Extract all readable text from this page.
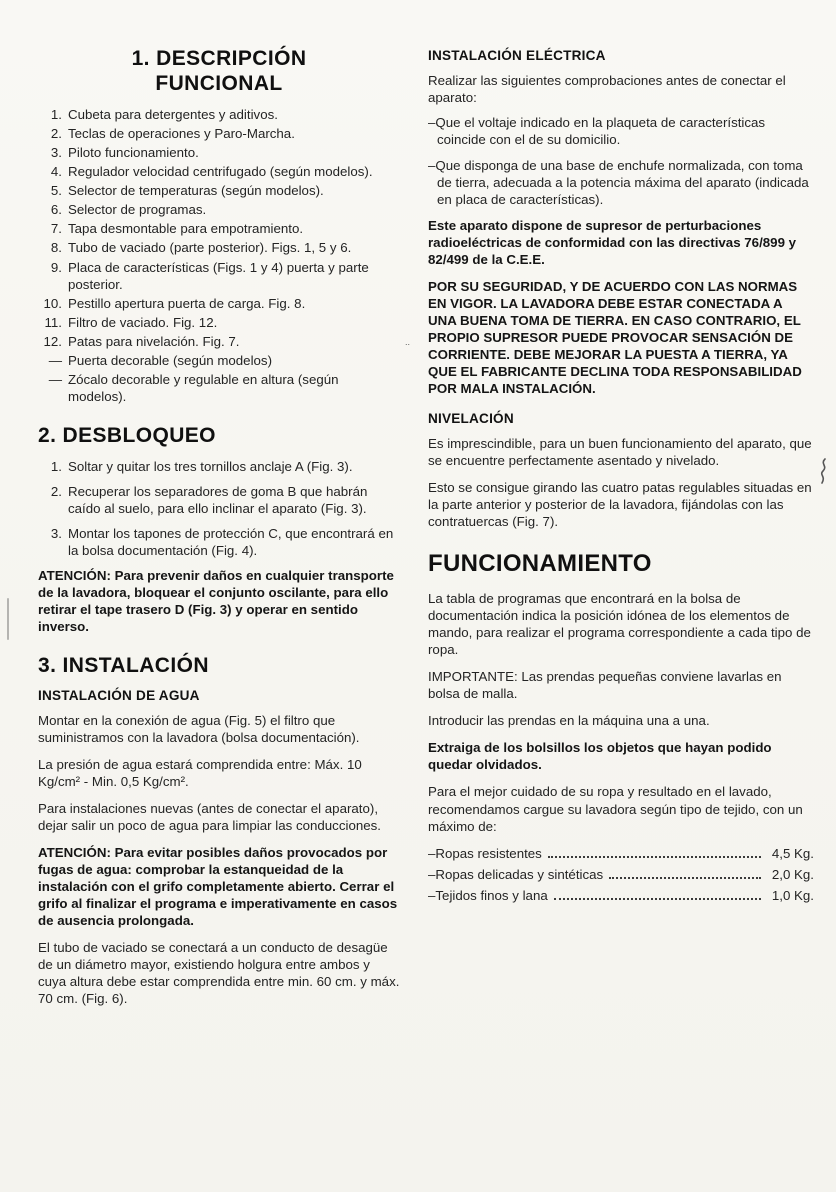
1. DESCRIPCIÓN
FUNCIONAL
1. Cubeta para detergentes y aditivos.
2. Teclas de operaciones y Paro-Marcha.
3. Piloto funcionamiento.
4. Regulador velocidad centrifugado (según modelos).
5. Selector de temperaturas (según modelos).
6. Selector de programas.
7. Tapa desmontable para empotramiento.
8. Tubo de vaciado (parte posterior). Figs. 1, 5 y 6.
9. Placa de características (Figs. 1 y 4) puerta y parte posterior.
10. Pestillo apertura puerta de carga. Fig. 8.
11. Filtro de vaciado. Fig. 12.
12. Patas para nivelación. Fig. 7.
— Puerta decorable (según modelos)
— Zócalo decorable y regulable en altura (según modelos).
2. DESBLOQUEO
1. Soltar y quitar los tres tornillos anclaje A (Fig. 3).
2. Recuperar los separadores de goma B que habrán caído al suelo, para ello inclinar el aparato (Fig. 3).
3. Montar los tapones de protección C, que encontrará en la bolsa documentación (Fig. 4).

ATENCIÓN: Para prevenir daños en cualquier transporte de la lavadora, bloquear el conjunto oscilante, para ello retirar el tape trasero D (Fig. 3) y operar en sentido inverso.

3. INSTALACIÓN
INSTALACIÓN DE AGUA

Montar en la conexión de agua (Fig. 5) el filtro que suministramos con la lavadora (bolsa documentación).

La presión de agua estará comprendida entre: Máx. 10 Kg/cm² - Min. 0,5 Kg/cm².

Para instalaciones nuevas (antes de conectar el aparato), dejar salir un poco de agua para limpiar las conducciones.

ATENCIÓN: Para evitar posibles daños provocados por fugas de agua: comprobar la estanqueidad de la instalación con el grifo completamente abierto. Cerrar el grifo al finalizar el programa e imperativamente en casos de ausencia prolongada.

El tubo de vaciado se conectará a un conducto de desagüe de un diámetro mayor, existiendo holgura entre ambos y cuya altura debe estar comprendida entre min. 60 cm. y máx. 70 cm. (Fig. 6).

INSTALACIÓN ELÉCTRICA

Realizar las siguientes comprobaciones antes de conectar el aparato:

–Que el voltaje indicado en la plaqueta de características coincide con el de su domicilio.
–Que disponga de una base de enchufe normalizada, con toma de tierra, adecuada a la potencia máxima del aparato (indicada en placa de características).

Este aparato dispone de supresor de perturbaciones radioeléctricas de conformidad con las directivas 76/899 y 82/499 de la C.E.E.

POR SU SEGURIDAD, Y DE ACUERDO CON LAS NORMAS EN VIGOR. LA LAVADORA DEBE ESTAR CONECTADA A UNA BUENA TOMA DE TIERRA. EN CASO CONTRARIO, EL PROPIO SUPRESOR PUEDE PROVOCAR SENSACIÓN DE CORRIENTE. DEBE MEJORAR LA PUESTA A TIERRA, YA QUE EL FABRICANTE DECLINA TODA RESPONSABILIDAD POR MALA INSTALACIÓN.

NIVELACIÓN

Es imprescindible, para un buen funcionamiento del aparato, que se encuentre perfectamente asentado y nivelado.

Esto se consigue girando las cuatro patas regulables situadas en la parte anterior y posterior de la lavadora, fijándolas con las contratuercas (Fig. 7).

FUNCIONAMIENTO

La tabla de programas que encontrará en la bolsa de documentación indica la posición idónea de los elementos de mando, para realizar el programa correspondiente a cada tipo de ropa.

IMPORTANTE: Las prendas pequeñas conviene lavarlas en bolsa de malla.

Introducir las prendas en la máquina una a una.

Extraiga de los bolsillos los objetos que hayan podido quedar olvidados.

Para el mejor cuidado de su ropa y resultado en el lavado, recomendamos cargue su lavadora según tipo de tejido, con un máximo de:

–Ropas resistentes	4,5 Kg.
–Ropas delicadas y sintéticas	2,0 Kg.
–Tejidos finos y lana	1,0 Kg.
..
